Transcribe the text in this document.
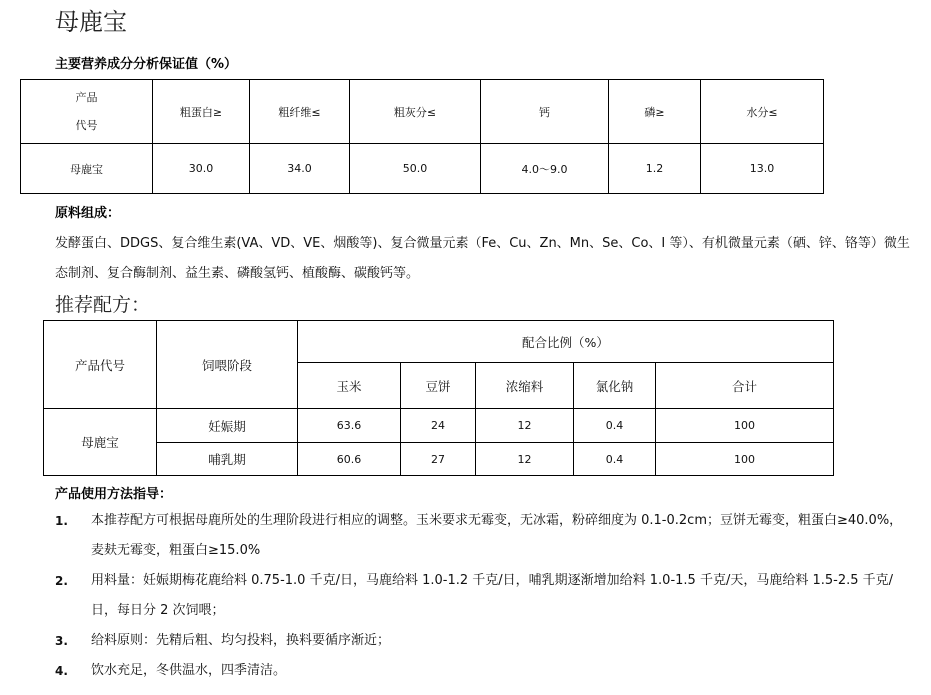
母鹿宝
主要营养成分分析保证值（%）
产品
代号	粗蛋白≥	粗纤维≤	粗灰分≤	钙	磷≥	水分≤
母鹿宝	30.0	34.0	50.0	4.0～9.0	1.2	13.0
原料组成：
发酵蛋白、DDGS、复合维生素(VA、VD、VE、烟酸等)、复合微量元素（Fe、Cu、Zn、Mn、Se、Co、I 等）、有机微量元素（硒、锌、铬等）微生态制剂、复合酶制剂、益生素、磷酸氢钙、植酸酶、碳酸钙等。
推荐配方：
产品代号	饲喂阶段	配合比例（%）				
		玉米	豆饼	浓缩料	氯化钠	合计
母鹿宝	妊娠期	63.6	24	12	0.4	100
	哺乳期	60.6	27	12	0.4	100
产品使用方法指导：
1. 本推荐配方可根据母鹿所处的生理阶段进行相应的调整。玉米要求无霉变，无冰霜，粉碎细度为 0.1-0.2cm；豆饼无霉变，粗蛋白≥40.0%，麦麸无霉变，粗蛋白≥15.0%
2. 用料量：妊娠期梅花鹿给料 0.75-1.0 千克/日，马鹿给料 1.0-1.2 千克/日，哺乳期逐渐增加给料 1.0-1.5 千克/天，马鹿给料 1.5-2.5 千克/日，每日分 2 次饲喂；
3. 给料原则：先精后粗、均匀投料，换料要循序渐近；
4. 饮水充足，冬供温水，四季清洁。
